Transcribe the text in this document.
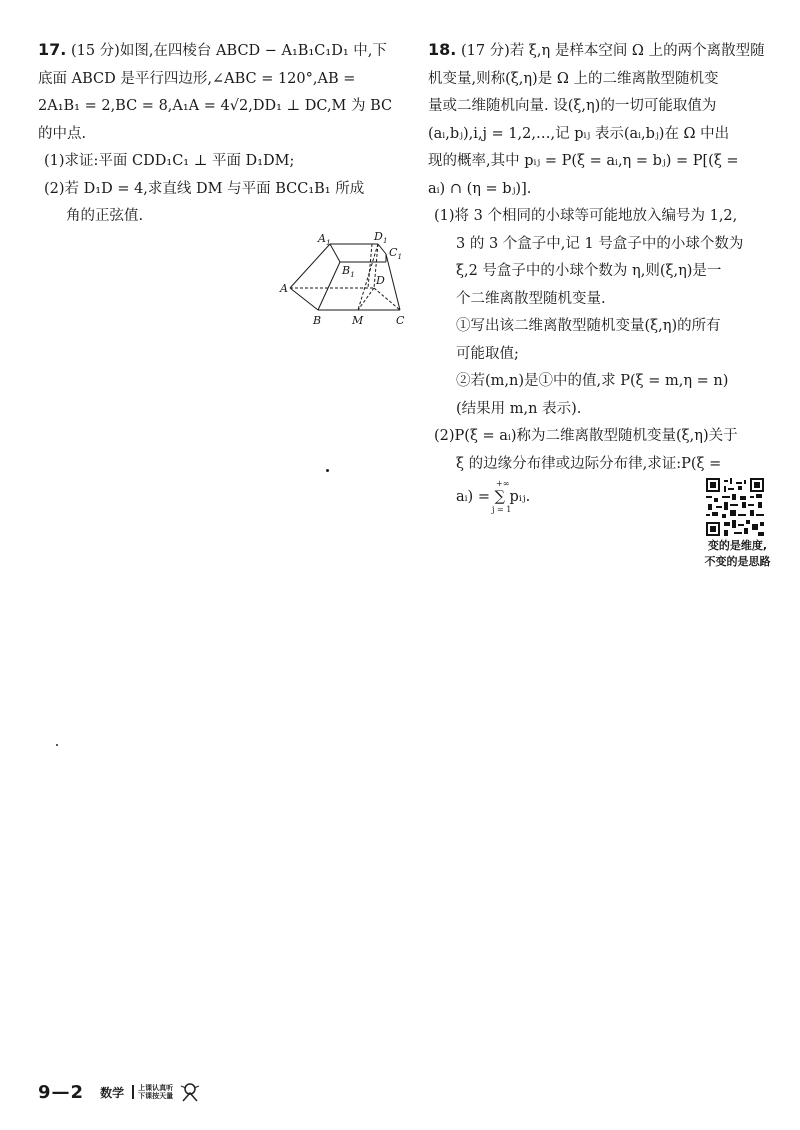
17. (15 分)如图,在四棱台 ABCD − A₁B₁C₁D₁ 中,下
底面 ABCD 是平行四边形,∠ABC = 120°,AB =
2A₁B₁ = 2,BC = 8,A₁A = 4√2,DD₁ ⊥ DC,M 为 BC
的中点.
(1)求证:平面 CDD₁C₁ ⊥ 平面 D₁DM;
(2)若 D₁D = 4,求直线 DM 与平面 BCC₁B₁ 所成
角的正弦值.
$A_1$	$D_1$
$C_1$
$B_1$
A
D
B	M	C
18. (17 分)若 ξ,η 是样本空间 Ω 上的两个离散型随
机变量,则称(ξ,η)是 Ω 上的二维离散型随机变
量或二维随机向量. 设(ξ,η)的一切可能取值为
(aᵢ,bⱼ),i,j = 1,2,…,记 pᵢⱼ 表示(aᵢ,bⱼ)在 Ω 中出
现的概率,其中 pᵢⱼ = P(ξ = aᵢ,η = bⱼ) = P[(ξ =
aᵢ) ∩ (η = bⱼ)].
(1)将 3 个相同的小球等可能地放入编号为 1,2,
3 的 3 个盒子中,记 1 号盒子中的小球个数为
ξ,2 号盒子中的小球个数为 η,则(ξ,η)是一
个二维离散型随机变量.
①写出该二维离散型随机变量(ξ,η)的所有
可能取值;
②若(m,n)是①中的值,求 P(ξ = m,η = n)
(结果用 m,n 表示).
(2)P(ξ = aᵢ)称为二维离散型随机变量(ξ,η)关于
ξ 的边缘分布律或边际分布律,求证:P(ξ =
aᵢ) = ∑ pᵢⱼ.
+∞
j = 1
变的是维度,
不变的是思路
9—2 数学 上课认真听
下课按天量
